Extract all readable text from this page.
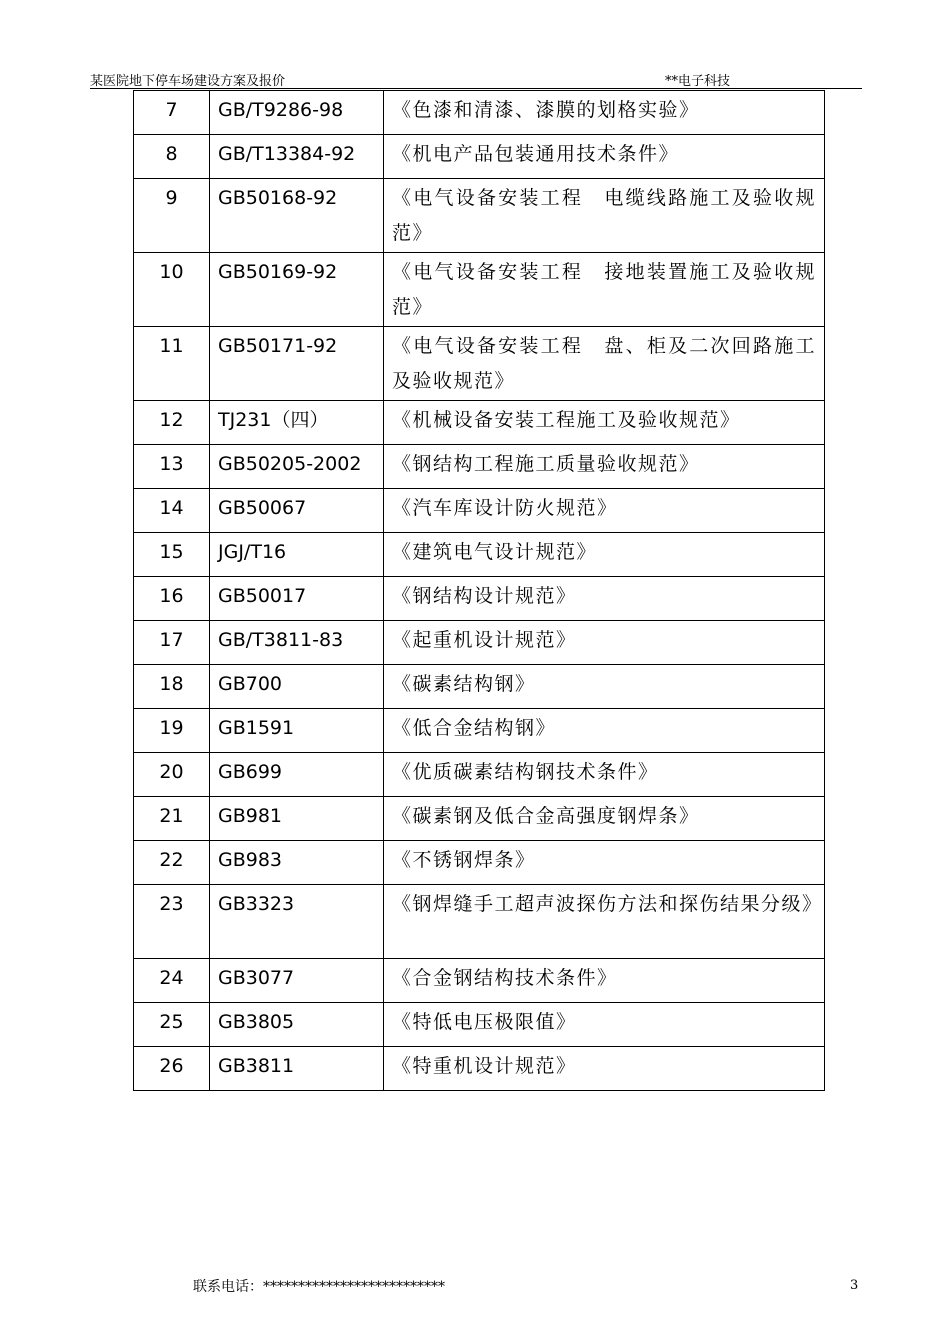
某医院地下停车场建设方案及报价	**电子科技
7	GB/T9286-98	《色漆和清漆、漆膜的划格实验》
8	GB/T13384-92	《机电产品包装通用技术条件》
9	GB50168-92	《电气设备安装工程　电缆线路施工及验收规范》
10	GB50169-92	《电气设备安装工程　接地装置施工及验收规范》
11	GB50171-92	《电气设备安装工程　盘、柜及二次回路施工及验收规范》
12	TJ231（四）	《机械设备安装工程施工及验收规范》
13	GB50205-2002	《钢结构工程施工质量验收规范》
14	GB50067	《汽车库设计防火规范》
15	JGJ/T16	《建筑电气设计规范》
16	GB50017	《钢结构设计规范》
17	GB/T3811-83	《起重机设计规范》
18	GB700	《碳素结构钢》
19	GB1591	《低合金结构钢》
20	GB699	《优质碳素结构钢技术条件》
21	GB981	《碳素钢及低合金高强度钢焊条》
22	GB983	《不锈钢焊条》
23	GB3323	《钢焊缝手工超声波探伤方法和探伤结果分级》
24	GB3077	《合金钢结构技术条件》
25	GB3805	《特低电压极限值》
26	GB3811	《特重机设计规范》
联系电话：**************************	3
